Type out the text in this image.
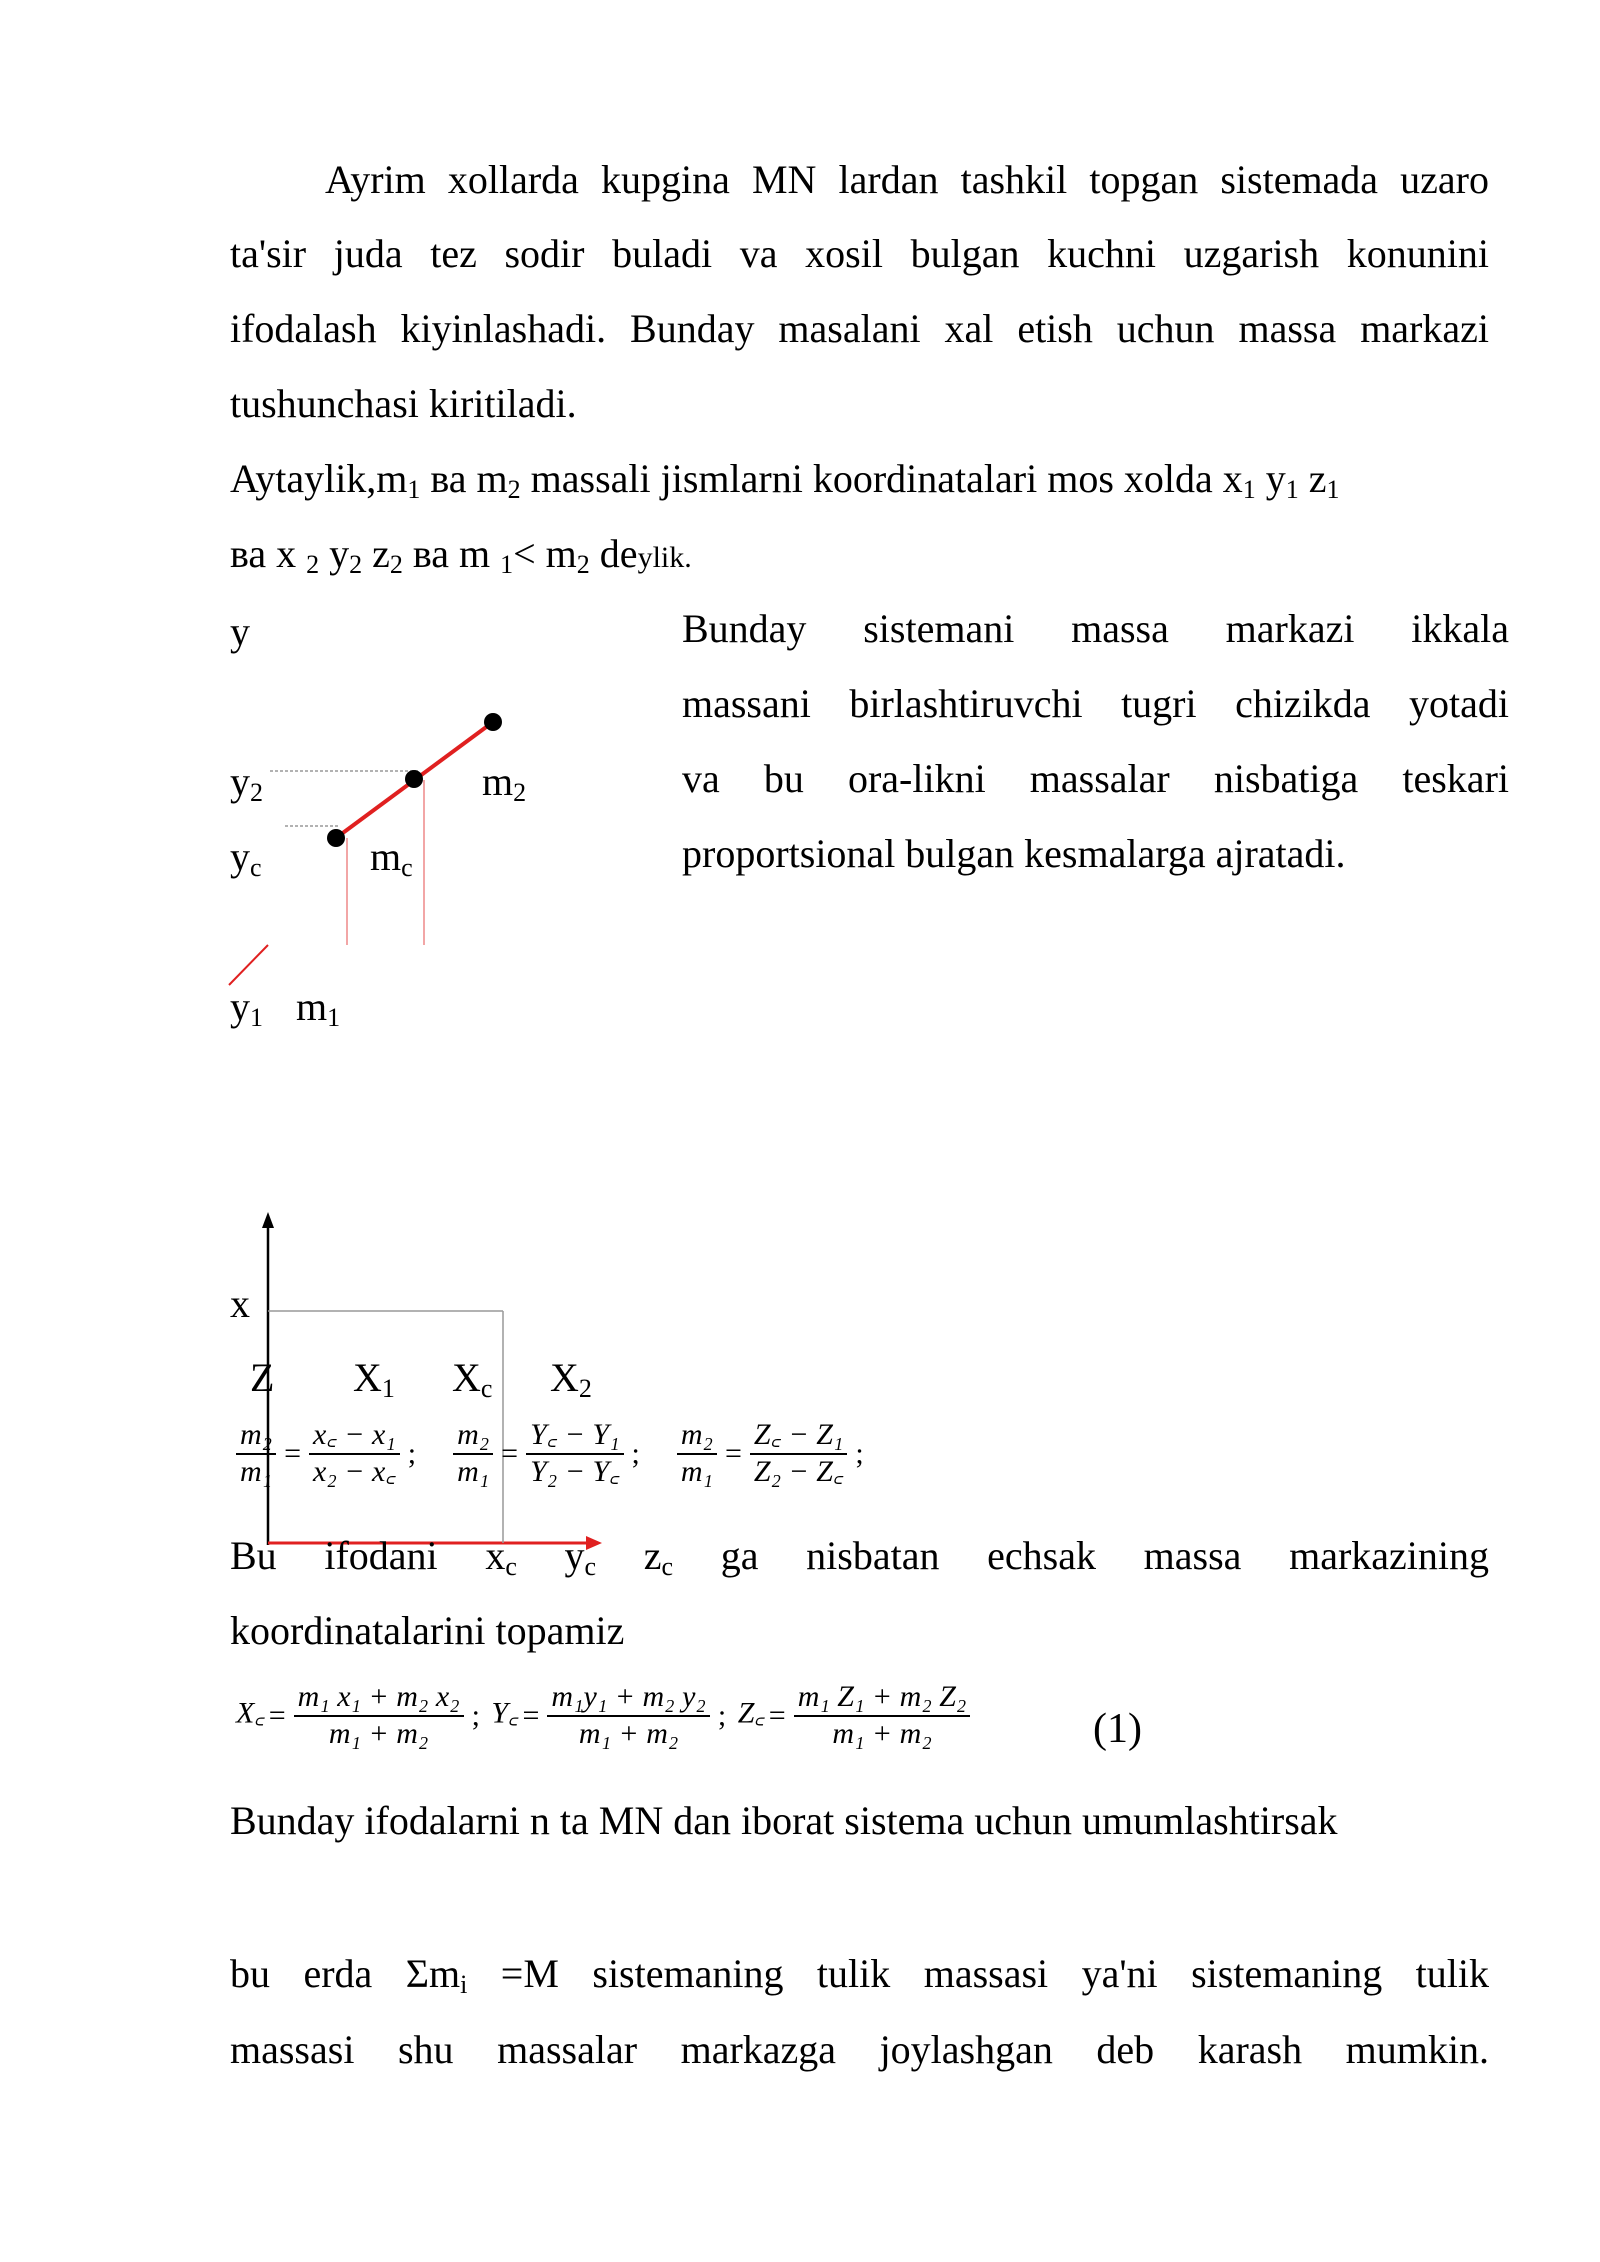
Ayrim xollarda kupgina MN lardan tashkil topgan sistemada uzaro
ta'sir juda tez sodir buladi va xosil bulgan kuchni uzgarish konunini
ifodalash kiyinlashadi. Bunday masalani xal etish uchun massa markazi
tushunchasi kiritiladi.
$Aytaylik,m_1$ ва $m_2$ massali jismlarni koordinatalari mos xolda $x_1$ $y_1$ $z_1$
ва x $_2$ $y_2$ $z_2$ ва m $_1< m_2$ deylik.
Bunday sistemani massa markazi ikkala
massani birlashtiruvchi tugri chizikda yotadi
va bu ora-likni massalar nisbatiga teskari
proportsional bulgan kesmalarga ajratadi.
y
$y_2$	$m_2$
$y_c$	$m_c$
$y_1$ $m_1$
x
Z $X_1$ $X_c$ $X_2$
$\frac{\text{m₂}}{\text{m₁}} = \frac{\text{x꜀ − x₁}}{\text{x₂ − x꜀}}$ ; $\frac{\text{m₂}}{\text{m₁}} = \frac{\text{Y꜀ − Y₁}}{\text{Y₂ − Y꜀}}$ ; $\frac{\text{m₂}}{\text{m₁}} = \frac{\text{Z꜀ − Z₁}}{\text{Z₂ − Z꜀}}$ ;
Bu ifodani $x_c$ $y_c$ $z_c$ ga nisbatan echsak massa markazining
koordinatalarini topamiz
X꜀ = $\frac{\text{m₁ x₁ + m₂ x₂}}{\text{m₁ + m₂}}$ ; Y꜀ = $\frac{\text{m₁y₁ + m₂ y₂}}{\text{m₁ + m₂}}$ ; Z꜀ = $\frac{\text{m₁ Z₁ + m₂ Z₂}}{\text{m₁ + m₂}}$	(1)
Bunday ifodalarni n ta MN dan iborat sistema uchun umumlashtirsak
bu erda $\Sigma m_i =M$ sistemaning tulik massasi ya'ni sistemaning tulik
massasi shu massalar markazga joylashgan deb karash mumkin.
